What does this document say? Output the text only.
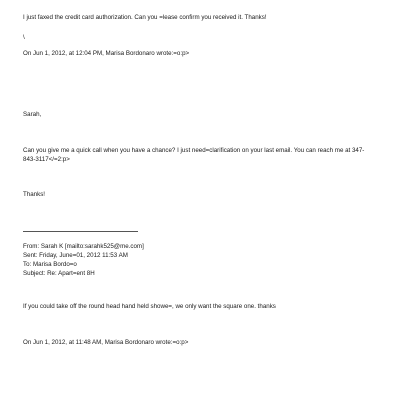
I just faxed the credit card authorization. Can you =lease confirm you received it. Thanks!
\
On Jun 1, 2012, at 12:04 PM, Marisa Bordonaro wrote:=o:p>
Sarah,
Can you give me a quick call when you have a chance? I just need=clarification on your last email. You can reach me at 347-843-3117</=2:p>
Thanks!
From: Sarah K [mailto:sarahk525@me.com]
Sent: Friday, June=01, 2012 11:53 AM
To: Marisa Bordo=o
Subject: Re: Apart=ent 8H
If you could take off the round head hand held showe=, we only want the square one. thanks
On Jun 1, 2012, at 11:48 AM, Marisa Bordonaro wrote:=o:p>
